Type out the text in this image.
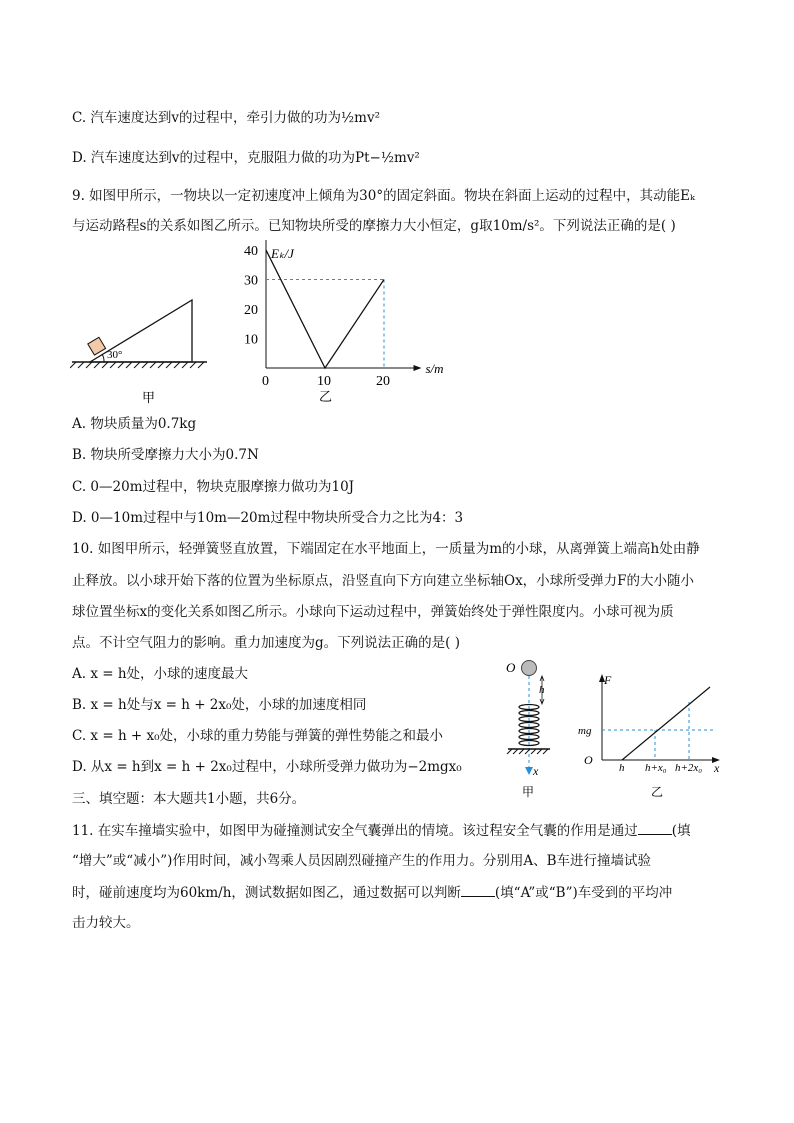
C. 汽车速度达到v的过程中，牵引力做的功为½mv²
D. 汽车速度达到v的过程中，克服阻力做的功为Pt−½mv²
9. 如图甲所示，一物块以一定初速度冲上倾角为30°的固定斜面。物块在斜面上运动的过程中，其动能Eₖ
与运动路程s的关系如图乙所示。已知物块所受的摩擦力大小恒定，g取10m/s²。下列说法正确的是( )
30°
甲
10
20
30
40
0	10	20
Eₖ/J
s/m
乙
A. 物块质量为0.7kg
B. 物块所受摩擦力大小为0.7N
C. 0—20m过程中，物块克服摩擦力做功为10J
D. 0—10m过程中与10m—20m过程中物块所受合力之比为4：3
10. 如图甲所示，轻弹簧竖直放置，下端固定在水平地面上，一质量为m的小球，从离弹簧上端高h处由静
止释放。以小球开始下落的位置为坐标原点，沿竖直向下方向建立坐标轴Ox，小球所受弹力F的大小随小
球位置坐标x的变化关系如图乙所示。小球向下运动过程中，弹簧始终处于弹性限度内。小球可视为质
点。不计空气阻力的影响。重力加速度为g。下列说法正确的是( )
A. x = h处，小球的速度最大
B. x = h处与x = h + 2x₀处，小球的加速度相同
C. x = h + x₀处，小球的重力势能与弹簧的弹性势能之和最小
D. 从x = h到x = h + 2x₀过程中，小球所受弹力做功为−2mgx₀
O
h
x
甲
F
O
x
mg
h h+x₀ h+2x₀
乙
三、填空题：本大题共1小题，共6分。
11. 在实车撞墙实验中，如图甲为碰撞测试安全气囊弹出的情境。该过程安全气囊的作用是通过	(填
“增大”或“减小”)作用时间，减小驾乘人员因剧烈碰撞产生的作用力。分别用A、B车进行撞墙试验
时，碰前速度均为60km/h，测试数据如图乙，通过数据可以判断	(填“A”或“B”)车受到的平均冲
击力较大。
